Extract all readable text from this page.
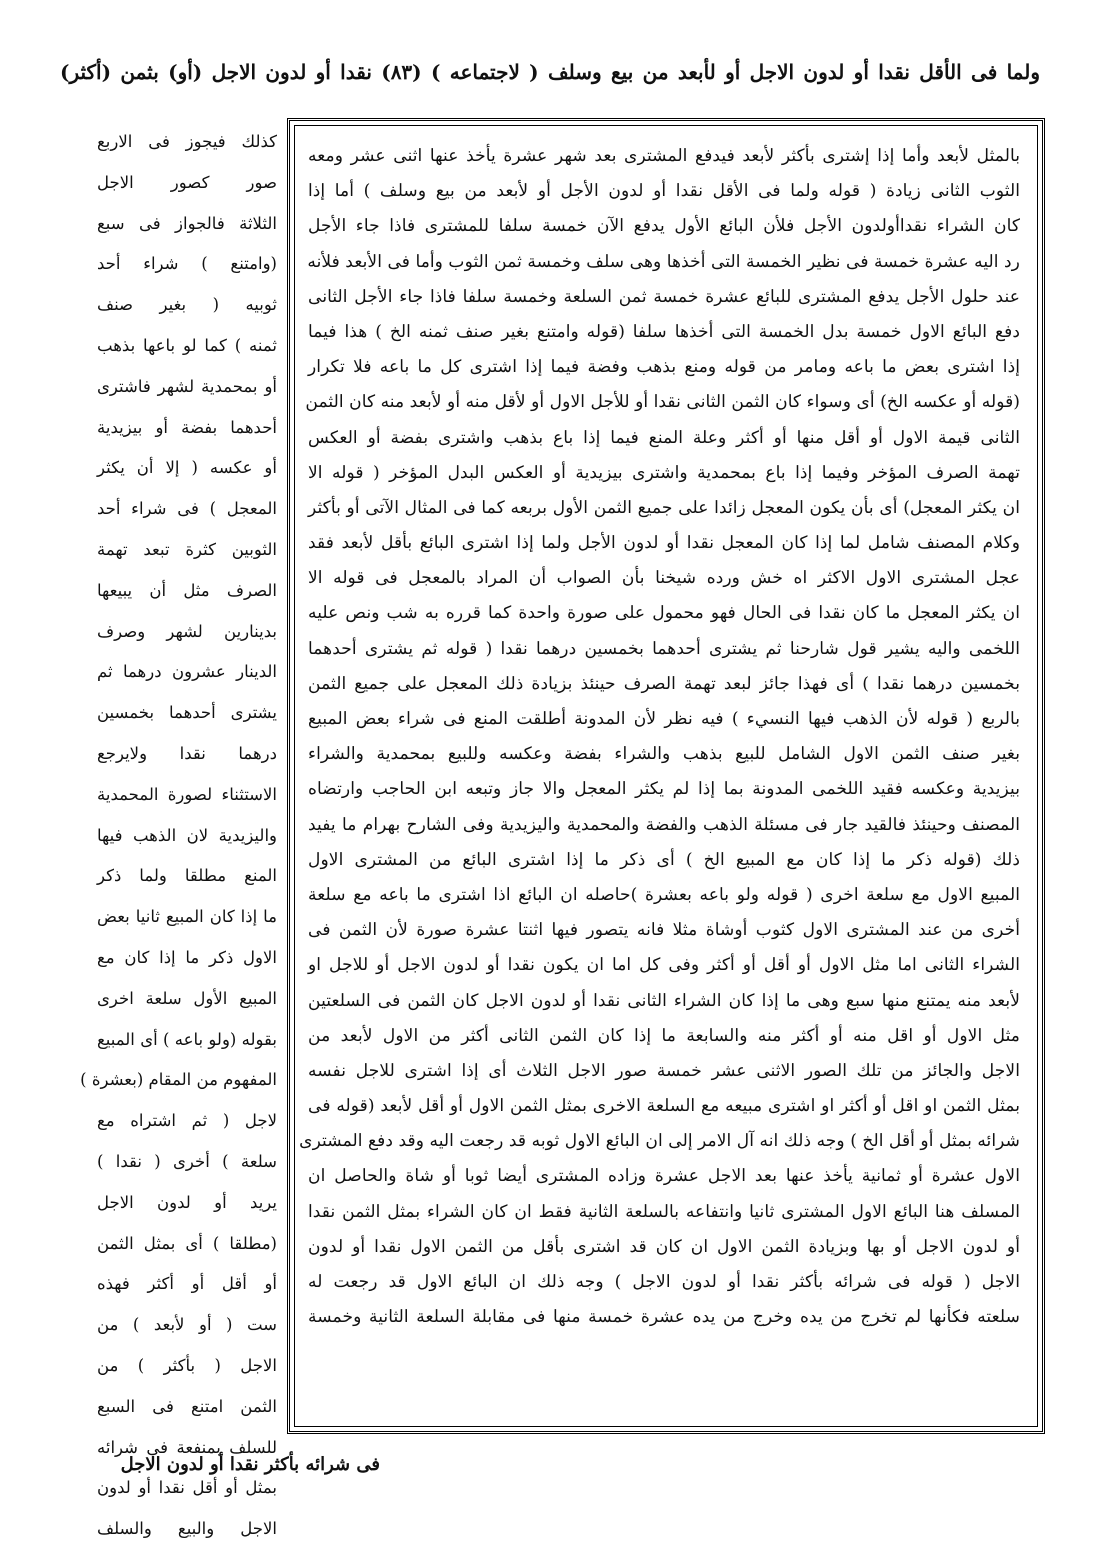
ولما فى الأقل نقدا أو لدون الاجل أو لأبعد من بيع وسلف ( لاجتماعه ) (٨٣) نقدا أو لدون الاجل (أو) بثمن (أكثر)
كذلك فيجوز فى الاربع
صور كصور الاجل
الثلاثة فالجواز فى سبع
(وامتنع ) شراء أحد
ثوبيه ( بغير صنف
ثمنه ) كما لو باعها بذهب
أو بمحمدية لشهر فاشترى
أحدهما بفضة أو بيزيدية
أو عكسه ( إلا أن يكثر
المعجل ) فى شراء أحد
الثوبين كثرة تبعد تهمة
الصرف مثل أن يبيعها
بدينارين لشهر وصرف
الدينار عشرون درهما ثم
يشترى أحدهما بخمسين
درهما نقدا ولايرجع
الاستثناء لصورة المحمدية
واليزيدية لان الذهب فيها
المنع مطلقا ولما ذكر
ما إذا كان المبيع ثانيا بعض
الاول ذكر ما إذا كان مع
المبيع الأول سلعة اخرى
بقوله (ولو باعه ) أى المبيع
المفهوم من المقام (بعشرة )
لاجل ( ثم اشتراه مع
سلعة ) أخرى ( نقدا )
يريد أو لدون الاجل
(مطلقا ) أى بمثل الثمن
أو أقل أو أكثر فهذه
ست ( أو لأبعد ) من
الاجل ( بأكثر ) من
الثمن امتنع فى السبع
للسلف بمنفعة فى شرائه
بمثل أو أقل نقدا أو لدون
الاجل والبيع والسلف
بالمثل لأبعد وأما إذا إشترى بأكثر لأبعد فيدفع المشترى بعد شهر عشرة يأخذ عنها اثنى عشر ومعه
الثوب الثانى زيادة ( قوله ولما فى الأقل نقدا أو لدون الأجل أو لأبعد من بيع وسلف ) أما إذا
كان الشراء نقداأولدون الأجل فلأن البائع الأول يدفع الآن خمسة سلفا للمشترى فاذا جاء الأجل
رد اليه عشرة خمسة فى نظير الخمسة التى أخذها وهى سلف وخمسة ثمن الثوب وأما فى الأبعد فلأنه
عند حلول الأجل يدفع المشترى للبائع عشرة خمسة ثمن السلعة وخمسة سلفا فاذا جاء الأجل الثانى
دفع البائع الاول خمسة بدل الخمسة التى أخذها سلفا (قوله وامتنع بغير صنف ثمنه الخ ) هذا فيما
إذا اشترى بعض ما باعه ومامر من قوله ومنع بذهب وفضة فيما إذا اشترى كل ما باعه فلا تكرار
(قوله أو عكسه الخ) أى وسواء كان الثمن الثانى نقدا أو للأجل الاول أو لأقل منه أو لأبعد منه كان الثمن
الثانى قيمة الاول أو أقل منها أو أكثر وعلة المنع فيما إذا باع بذهب واشترى بفضة أو العكس
تهمة الصرف المؤخر وفيما إذا باع بمحمدية واشترى بيزيدية أو العكس البدل المؤخر ( قوله الا
ان يكثر المعجل) أى بأن يكون المعجل زائدا على جميع الثمن الأول بربعه كما فى المثال الآتى أو بأكثر
وكلام المصنف شامل لما إذا كان المعجل نقدا أو لدون الأجل ولما إذا اشترى البائع بأقل لأبعد فقد
عجل المشترى الاول الاكثر اه خش ورده شيخنا بأن الصواب أن المراد بالمعجل فى قوله الا
ان يكثر المعجل ما كان نقدا فى الحال فهو محمول على صورة واحدة كما قرره به شب ونص عليه
اللخمى واليه يشير قول شارحنا ثم يشترى أحدهما بخمسين درهما نقدا ( قوله ثم يشترى أحدهما
بخمسين درهما نقدا ) أى فهذا جائز لبعد تهمة الصرف حينئذ بزيادة ذلك المعجل على جميع الثمن
بالربع ( قوله لأن الذهب فيها النسيء ) فيه نظر لأن المدونة أطلقت المنع فى شراء بعض المبيع
بغير صنف الثمن الاول الشامل للبيع بذهب والشراء بفضة وعكسه وللبيع بمحمدية والشراء
بيزيدية وعكسه فقيد اللخمى المدونة بما إذا لم يكثر المعجل والا جاز وتبعه ابن الحاجب وارتضاه
المصنف وحينئذ فالقيد جار فى مسئلة الذهب والفضة والمحمدية واليزيدية وفى الشارح بهرام ما يفيد
ذلك (قوله ذكر ما إذا كان مع المبيع الخ ) أى ذكر ما إذا اشترى البائع من المشترى الاول
المبيع الاول مع سلعة اخرى ( قوله ولو باعه بعشرة )حاصله ان البائع اذا اشترى ما باعه مع سلعة
أخرى من عند المشترى الاول كثوب أوشاة مثلا فانه يتصور فيها اثنتا عشرة صورة لأن الثمن فى
الشراء الثانى اما مثل الاول أو أقل أو أكثر وفى كل اما ان يكون نقدا أو لدون الاجل أو للاجل او
لأبعد منه يمتنع منها سبع وهى ما إذا كان الشراء الثانى نقدا أو لدون الاجل كان الثمن فى السلعتين
مثل الاول أو اقل منه أو أكثر منه والسابعة ما إذا كان الثمن الثانى أكثر من الاول لأبعد من
الاجل والجائز من تلك الصور الاثنى عشر خمسة صور الاجل الثلاث أى إذا اشترى للاجل نفسه
بمثل الثمن او اقل أو أكثر او اشترى مبيعه مع السلعة الاخرى بمثل الثمن الاول أو أقل لأبعد (قوله فى
شرائه بمثل أو أقل الخ ) وجه ذلك انه آل الامر إلى ان البائع الاول ثوبه قد رجعت اليه وقد دفع المشترى
الاول عشرة أو ثمانية يأخذ عنها بعد الاجل عشرة وزاده المشترى أيضا ثوبا أو شاة والحاصل ان
المسلف هنا البائع الاول المشترى ثانيا وانتفاعه بالسلعة الثانية فقط ان كان الشراء بمثل الثمن نقدا
أو لدون الاجل أو بها وبزيادة الثمن الاول ان كان قد اشترى بأقل من الثمن الاول نقدا أو لدون
الاجل ( قوله فى شرائه بأكثر نقدا أو لدون الاجل ) وجه ذلك ان البائع الاول قد رجعت له
سلعته فكأنها لم تخرج من يده وخرج من يده عشرة خمسة منها فى مقابلة السلعة الثانية وخمسة
فى شرائه بأكثر نقدا أو لدون الاجل
